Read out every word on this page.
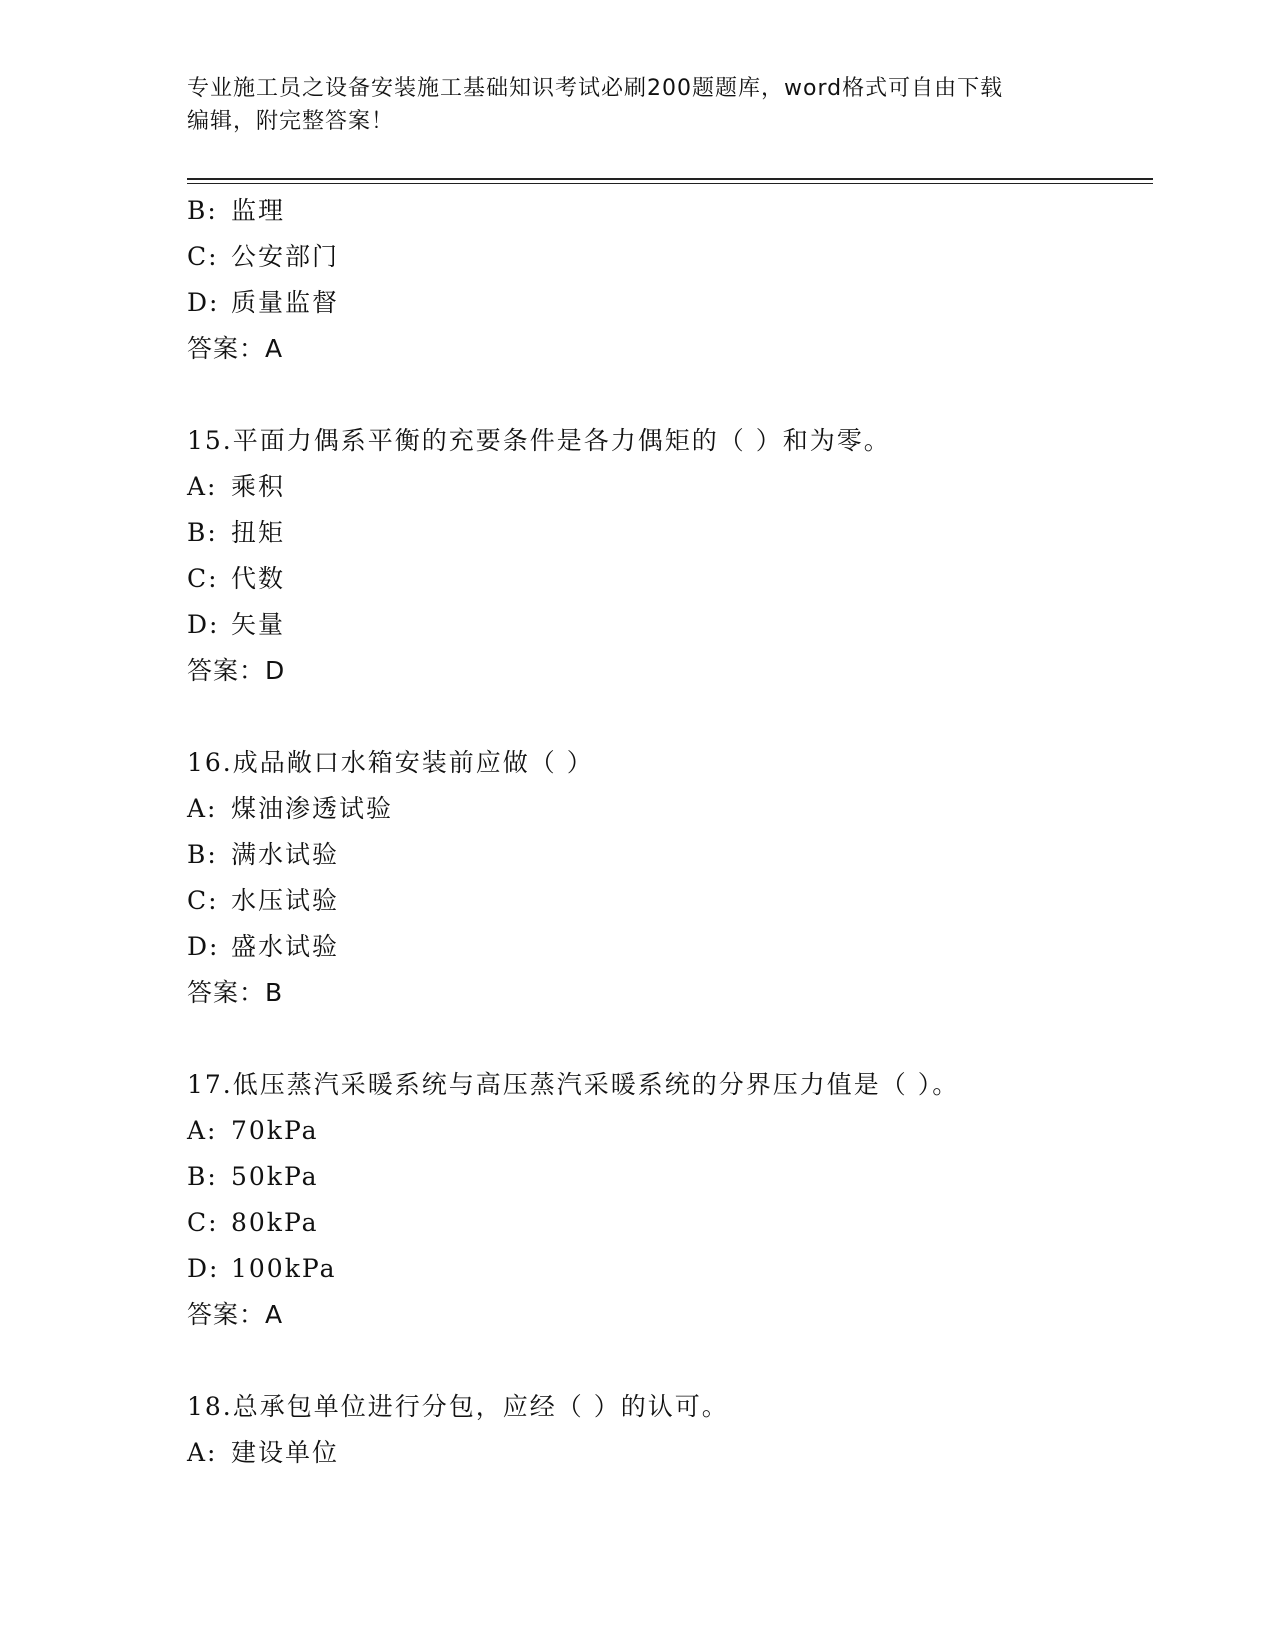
专业施工员之设备安装施工基础知识考试必刷200题题库，word格式可自由下载
编辑，附完整答案！
B: 监理
C: 公安部门
D: 质量监督
答案：A
15.平面力偶系平衡的充要条件是各力偶矩的（ ）和为零。
A: 乘积
B: 扭矩
C: 代数
D: 矢量
答案：D
16.成品敞口水箱安装前应做（ ）
A: 煤油渗透试验
B: 满水试验
C: 水压试验
D: 盛水试验
答案：B
17.低压蒸汽采暖系统与高压蒸汽采暖系统的分界压力值是（ ）。
A: 70kPa
B: 50kPa
C: 80kPa
D: 100kPa
答案：A
18.总承包单位进行分包，应经（ ）的认可。
A: 建设单位
